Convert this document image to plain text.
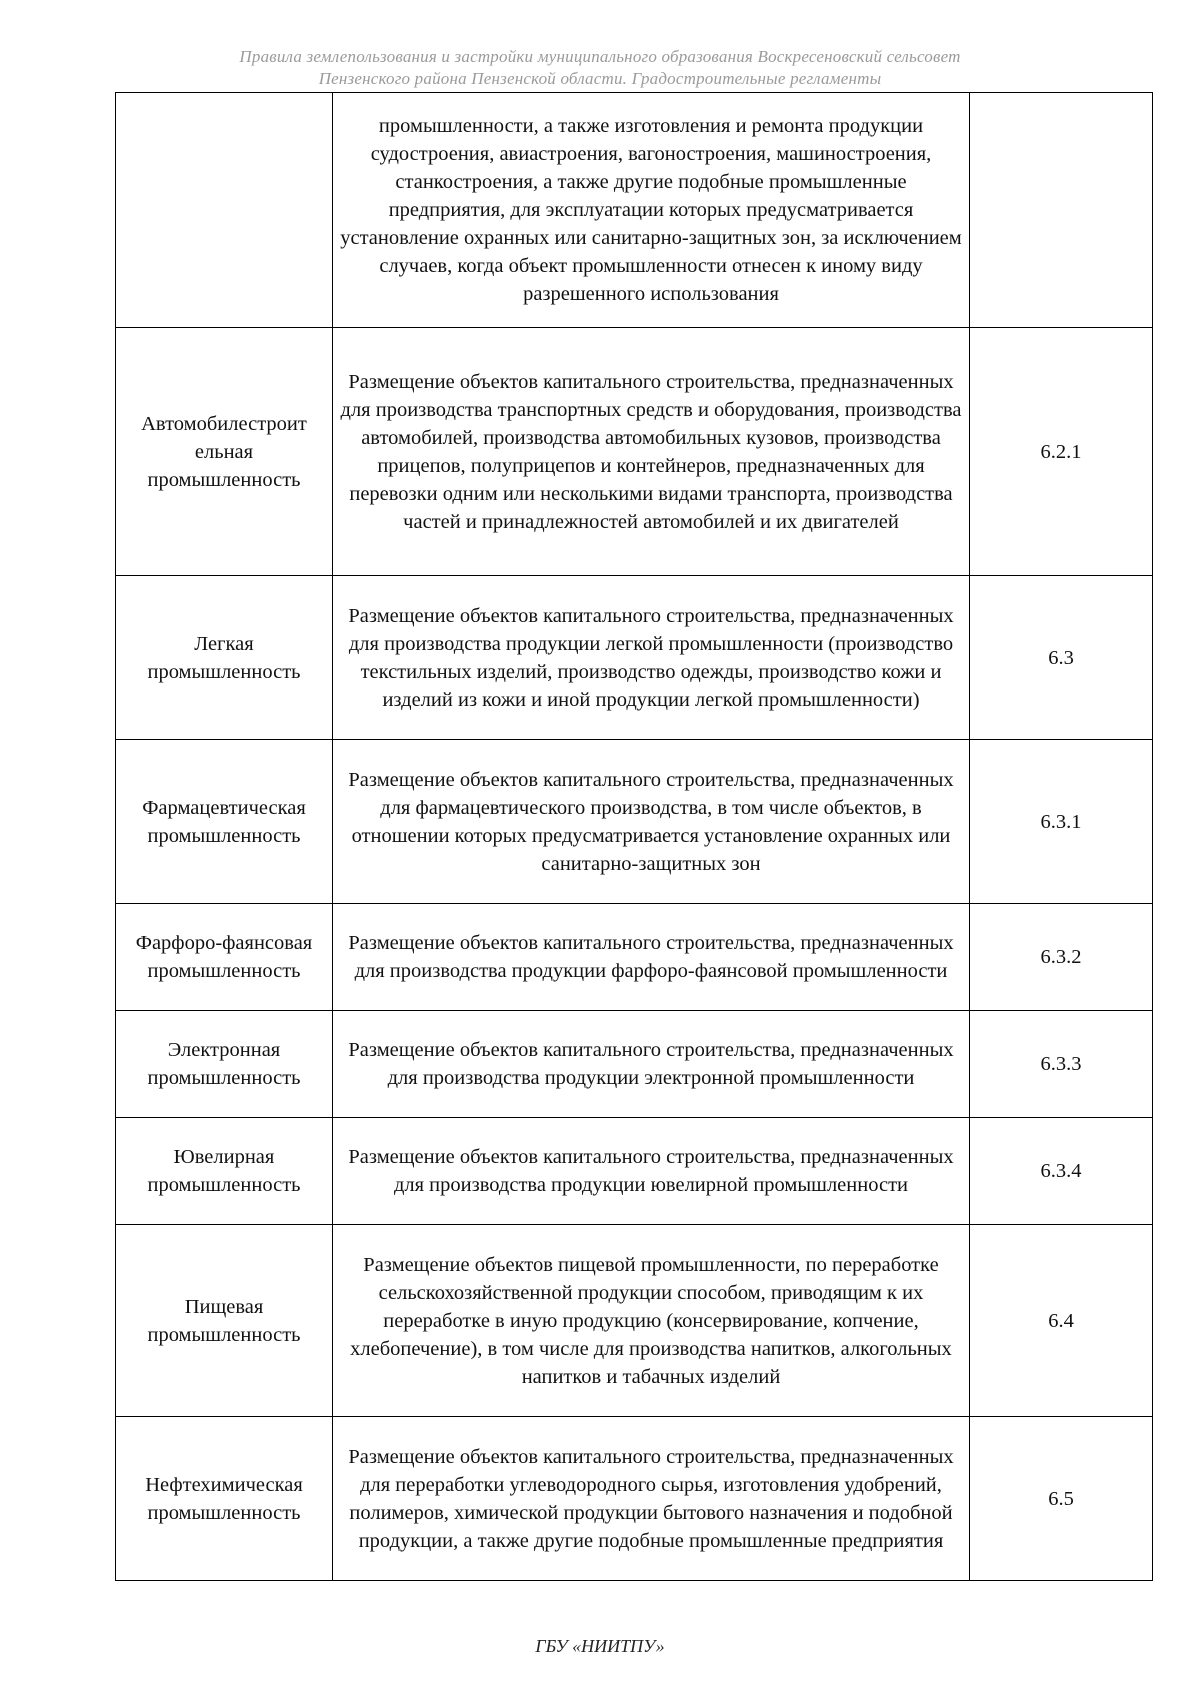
Правила землепользования и застройки муниципального образования Воскресеновский сельсовет
Пензенского района Пензенской области. Градостроительные регламенты
	промышленности, а также изготовления и ремонта продукции судостроения, авиастроения, вагоностроения, машиностроения, станкостроения, а также другие подобные промышленные предприятия, для эксплуатации которых предусматривается установление охранных или санитарно-защитных зон, за исключением случаев, когда объект промышленности отнесен к иному виду разрешенного использования	
Автомобилестроит ельная промышленность	Размещение объектов капитального строительства, предназначенных для производства транспортных средств и оборудования, производства автомобилей, производства автомобильных кузовов, производства прицепов, полуприцепов и контейнеров, предназначенных для перевозки одним или несколькими видами транспорта, производства частей и принадлежностей автомобилей и их двигателей	6.2.1
Легкая промышленность	Размещение объектов капитального строительства, предназначенных для производства продукции легкой промышленности (производство текстильных изделий, производство одежды, производство кожи и изделий из кожи и иной продукции легкой промышленности)	6.3
Фармацевтическая промышленность	Размещение объектов капитального строительства, предназначенных для фармацевтического производства, в том числе объектов, в отношении которых предусматривается установление охранных или санитарно-защитных зон	6.3.1
Фарфоро-фаянсовая промышленность	Размещение объектов капитального строительства, предназначенных для производства продукции фарфоро-фаянсовой промышленности	6.3.2
Электронная промышленность	Размещение объектов капитального строительства, предназначенных для производства продукции электронной промышленности	6.3.3
Ювелирная промышленность	Размещение объектов капитального строительства, предназначенных для производства продукции ювелирной промышленности	6.3.4
Пищевая промышленность	Размещение объектов пищевой промышленности, по переработке сельскохозяйственной продукции способом, приводящим к их переработке в иную продукцию (консервирование, копчение, хлебопечение), в том числе для производства напитков, алкогольных напитков и табачных изделий	6.4
Нефтехимическая промышленность	Размещение объектов капитального строительства, предназначенных для переработки углеводородного сырья, изготовления удобрений, полимеров, химической продукции бытового назначения и подобной продукции, а также другие подобные промышленные предприятия	6.5
ГБУ «НИИТПУ»
